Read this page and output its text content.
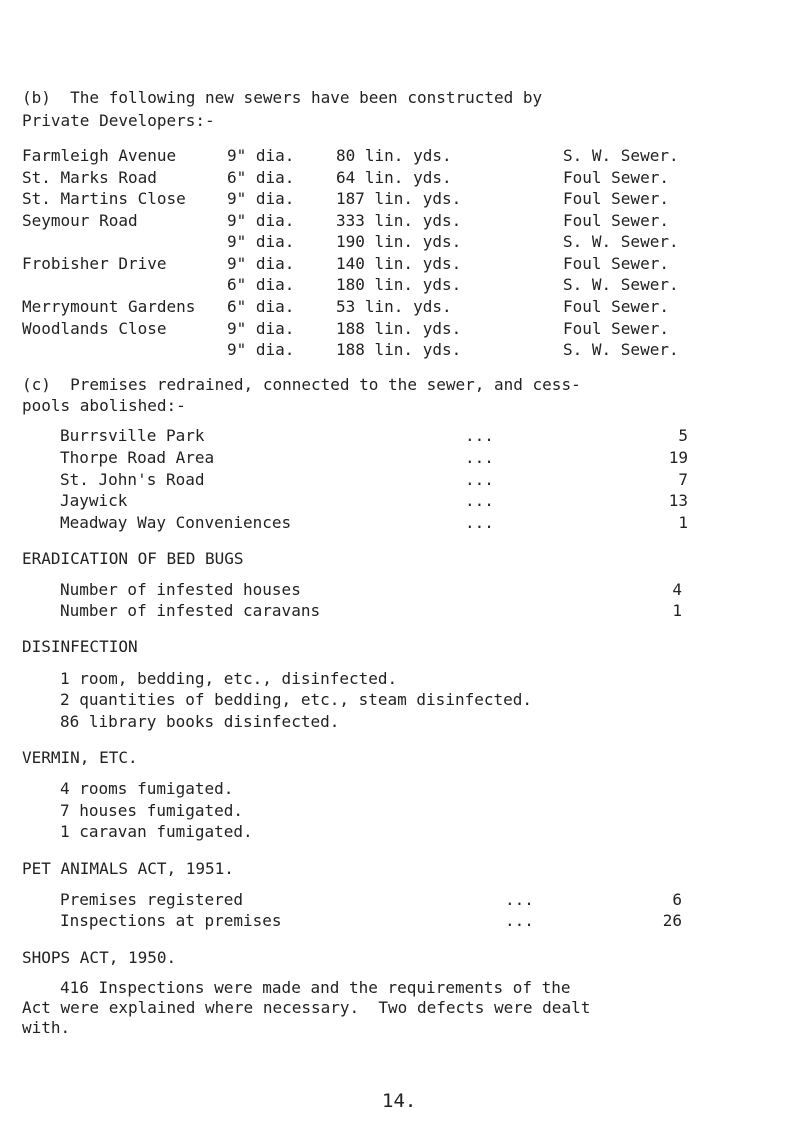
(b)  The following new sewers have been constructed by
Private Developers:-
Farmleigh Avenue
St. Marks Road
St. Martins Close
Seymour Road
Frobisher Drive
Merrymount Gardens
Woodlands Close
9" dia.
6" dia.
9" dia.
9" dia.
9" dia.
9" dia.
6" dia.
6" dia.
9" dia.
9" dia.
80 lin. yds.
64 lin. yds.
187 lin. yds.
333 lin. yds.
190 lin. yds.
140 lin. yds.
180 lin. yds.
53 lin. yds.
188 lin. yds.
188 lin. yds.
S. W. Sewer.
Foul Sewer.
Foul Sewer.
Foul Sewer.
S. W. Sewer.
Foul Sewer.
S. W. Sewer.
Foul Sewer.
Foul Sewer.
S. W. Sewer.
(c)  Premises redrained, connected to the sewer, and cess-
pools abolished:-
Burrsville Park
Thorpe Road Area
St. John's Road
Jaywick
Meadway Way Conveniences
...
...
...
...
...
5
19
7
13
1
ERADICATION OF BED BUGS
Number of infested houses
Number of infested caravans
4
1
DISINFECTION
1 room, bedding, etc., disinfected.
2 quantities of bedding, etc., steam disinfected.
86 library books disinfected.
VERMIN, ETC.
4 rooms fumigated.
7 houses fumigated.
1 caravan fumigated.
PET ANIMALS ACT, 1951.
Premises registered
Inspections at premises
...
...
6
26
SHOPS ACT, 1950.
416 Inspections were made and the requirements of the
Act were explained where necessary.  Two defects were dealt
with.
14.
